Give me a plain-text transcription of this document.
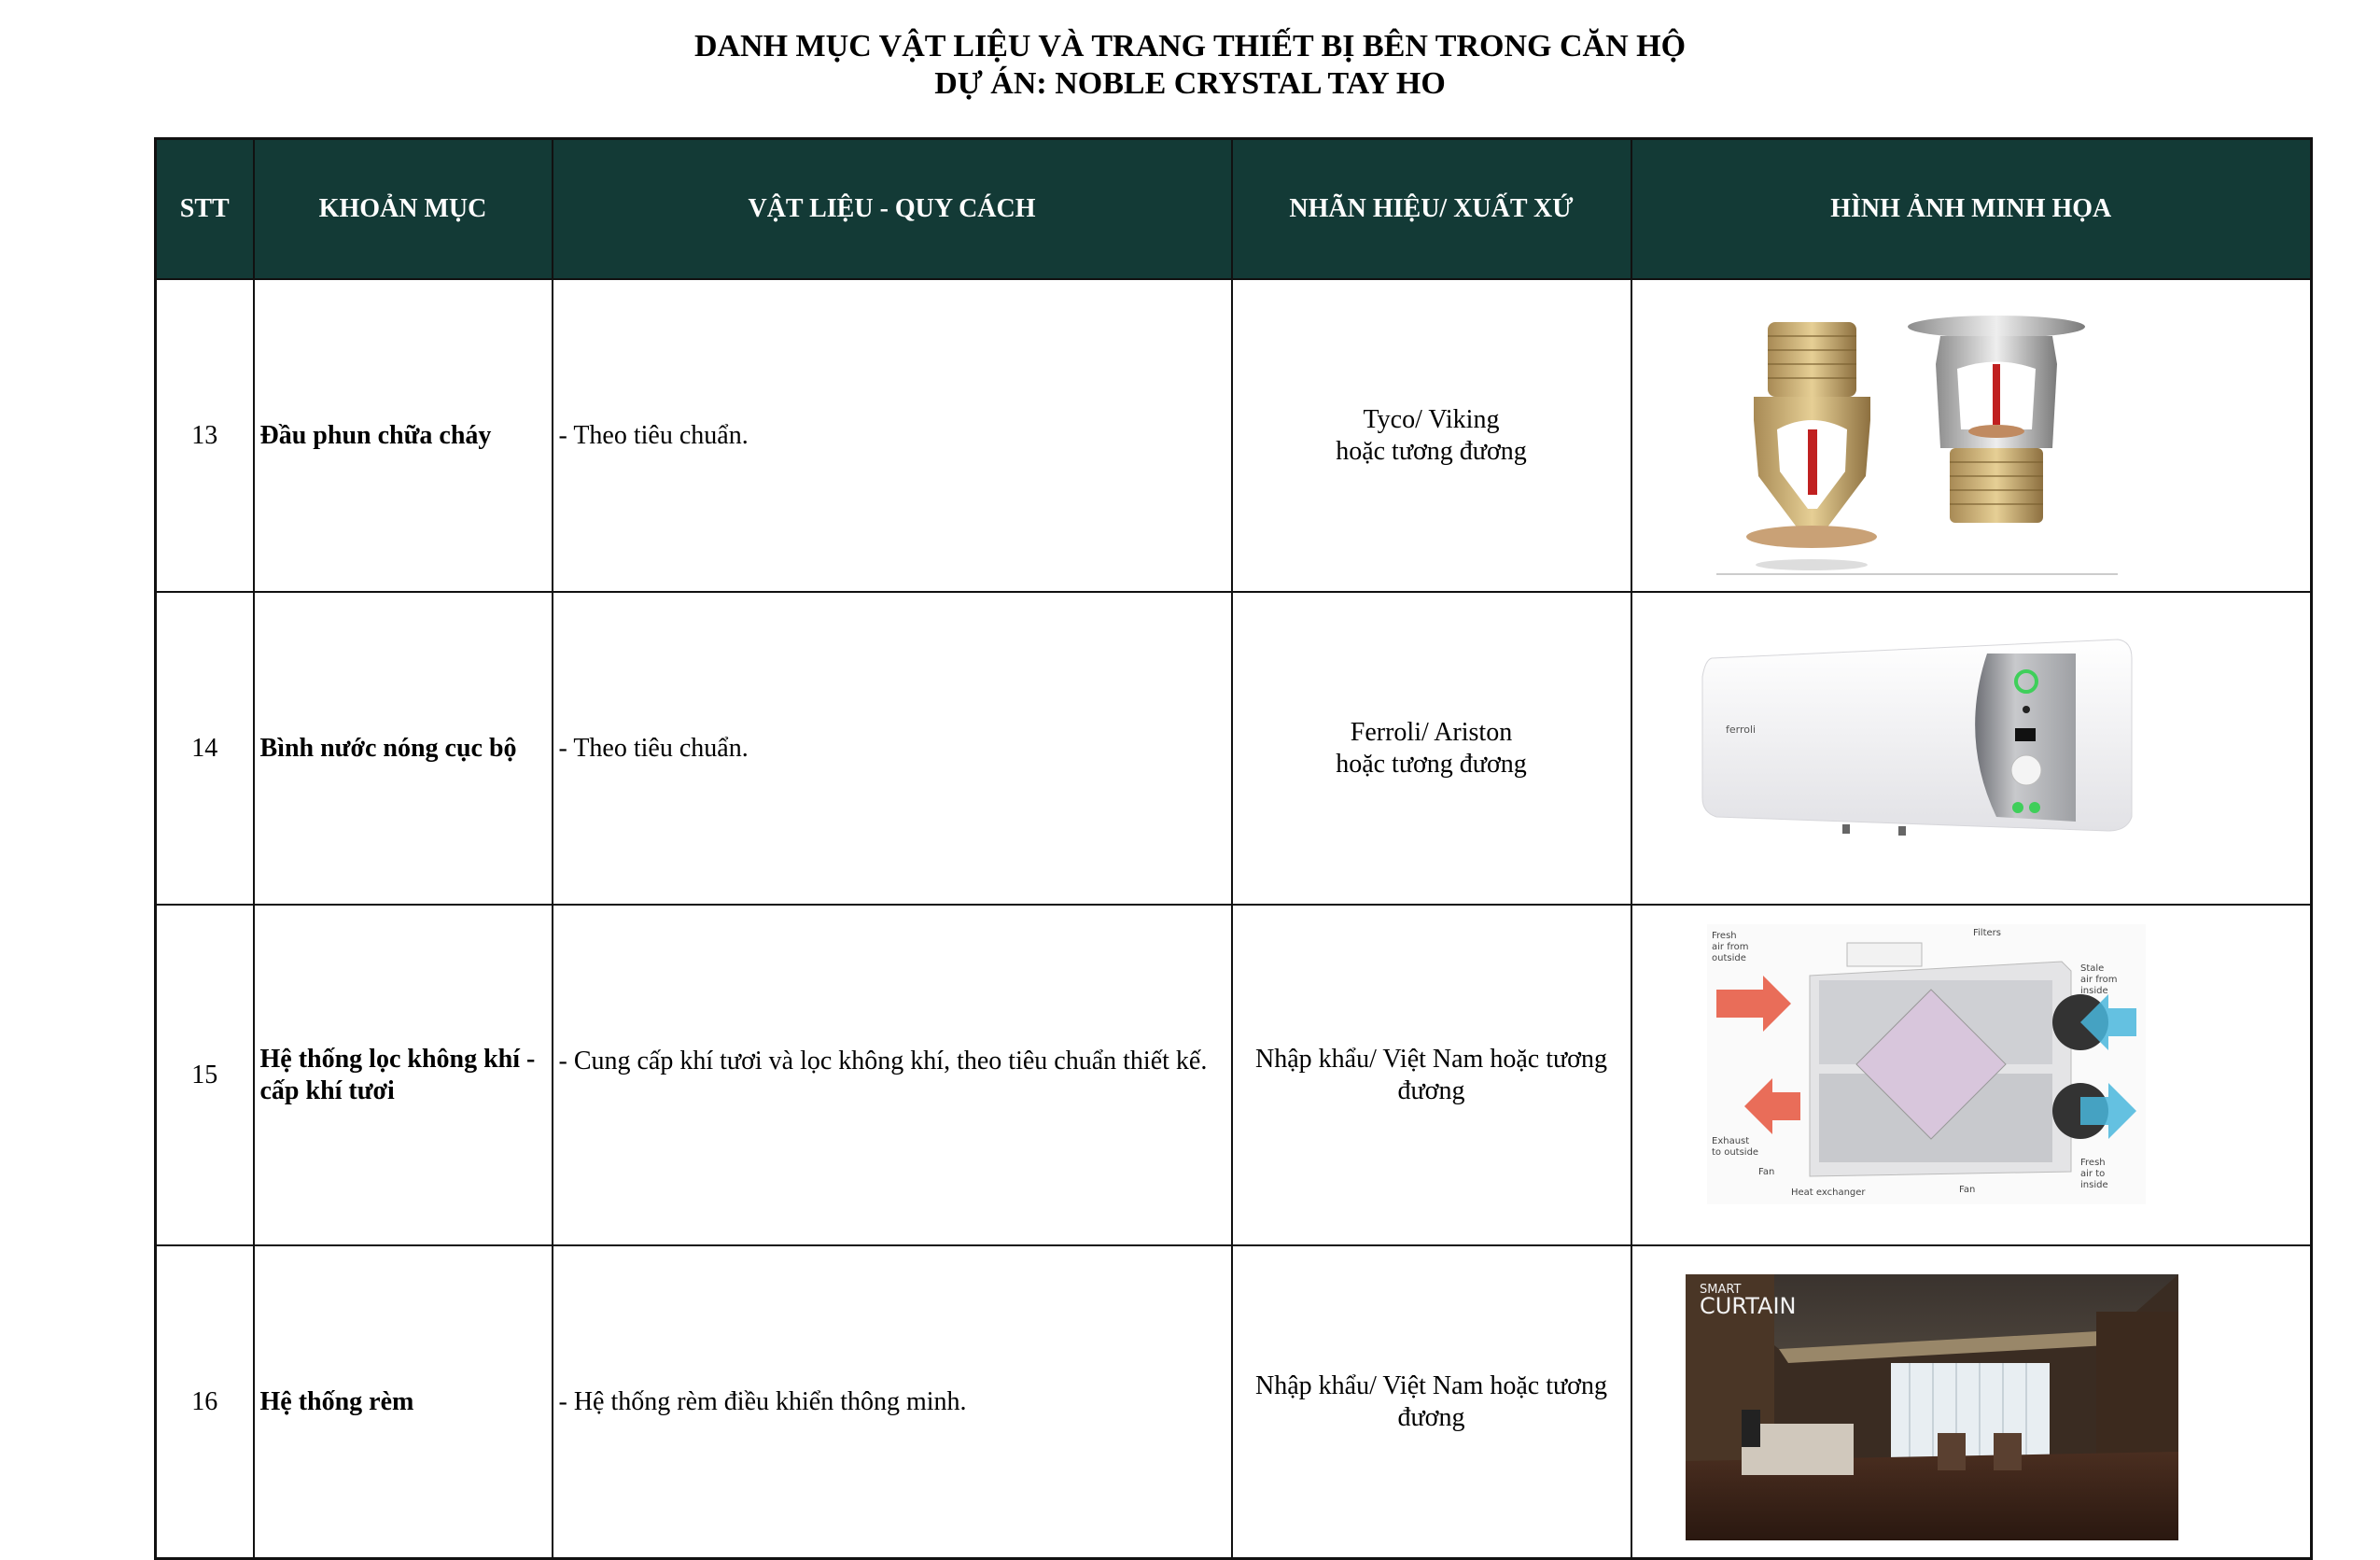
DANH MỤC VẬT LIỆU VÀ TRANG THIẾT BỊ BÊN TRONG CĂN HỘ
DỰ ÁN: NOBLE CRYSTAL TAY HO
STT	KHOẢN MỤC	VẬT LIỆU - QUY CÁCH	NHÃN HIỆU/ XUẤT XỨ	HÌNH ẢNH MINH HỌA
13	Đầu phun chữa cháy	- Theo tiêu chuẩn.	Tyco/ Viking
hoặc tương đương

14	Bình nước nóng cục bộ	- Theo tiêu chuẩn.	Ferroli/ Ariston
hoặc tương đương	ferroli

15	Hệ thống lọc không khí - cấp khí tươi	- Cung cấp khí tươi và lọc không khí, theo tiêu chuẩn thiết kế.	Nhập khẩu/ Việt Nam hoặc tương đương

Fresh
air from
outside
Filters
Stale
air from
inside
Exhaust
to outside
Fan
Heat exchanger	Fan
Fresh
air to
inside

16	Hệ thống rèm	- Hệ thống rèm điều khiển thông minh.	Nhập khẩu/ Việt Nam hoặc tương đương	SMART
CURTAIN
